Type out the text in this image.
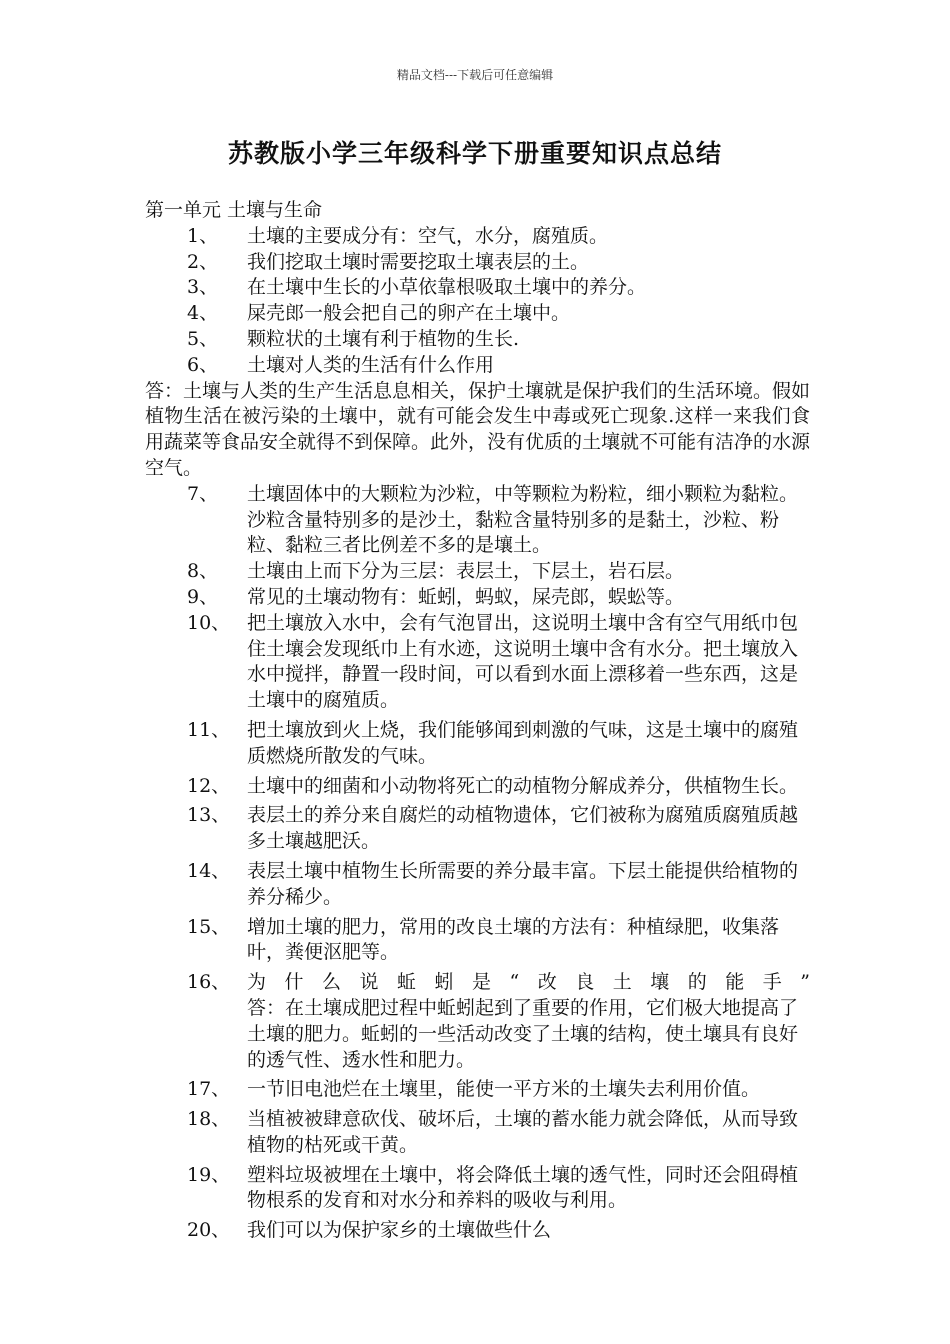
精品文档---下载后可任意编辑
苏教版小学三年级科学下册重要知识点总结

第一单元 土壤与生命

1、	土壤的主要成分有：空气，水分，腐殖质。
2、	我们挖取土壤时需要挖取土壤表层的土。
3、	在土壤中生长的小草依靠根吸取土壤中的养分。
4、	屎壳郎一般会把自己的卵产在土壤中。
5、	颗粒状的土壤有利于植物的生长.
6、	土壤对人类的生活有什么作用

答：土壤与人类的生产生活息息相关，保护土壤就是保护我们的生活环境。假如植物生活在被污染的土壤中，就有可能会发生中毒或死亡现象.这样一来我们食用蔬菜等食品安全就得不到保障。此外，没有优质的土壤就不可能有洁净的水源空气。

7、	土壤固体中的大颗粒为沙粒，中等颗粒为粉粒，细小颗粒为黏粒。沙粒含量特别多的是沙土，黏粒含量特别多的是黏土，沙粒、粉粒、黏粒三者比例差不多的是壤土。
8、	土壤由上而下分为三层：表层土，下层土，岩石层。
9、	常见的土壤动物有：蚯蚓，蚂蚁，屎壳郎，蜈蚣等。
10、 把土壤放入水中，会有气泡冒出，这说明土壤中含有空气用纸巾包住土壤会发现纸巾上有水迹，这说明土壤中含有水分。把土壤放入水中搅拌，静置一段时间，可以看到水面上漂移着一些东西，这是土壤中的腐殖质。
11、 把土壤放到火上烧，我们能够闻到刺激的气味，这是土壤中的腐殖质燃烧所散发的气味。
12、 土壤中的细菌和小动物将死亡的动植物分解成养分，供植物生长。
13、 表层土的养分来自腐烂的动植物遗体，它们被称为腐殖质腐殖质越多土壤越肥沃。
14、 表层土壤中植物生长所需要的养分最丰富。下层土能提供给植物的养分稀少。
15、 增加土壤的肥力，常用的改良土壤的方法有：种植绿肥，收集落叶，粪便沤肥等。
16、 为什么说蚯蚓是“改良土壤的能手”

答：在土壤成肥过程中蚯蚓起到了重要的作用，它们极大地提高了土壤的肥力。蚯蚓的一些活动改变了土壤的结构，使土壤具有良好的透气性、透水性和肥力。

17、 一节旧电池烂在土壤里，能使一平方米的土壤失去利用价值。
18、 当植被被肆意砍伐、破坏后，土壤的蓄水能力就会降低，从而导致植物的枯死或干黄。
19、 塑料垃圾被埋在土壤中，将会降低土壤的透气性，同时还会阻碍植物根系的发育和对水分和养料的吸收与利用。
20、 我们可以为保护家乡的土壤做些什么
